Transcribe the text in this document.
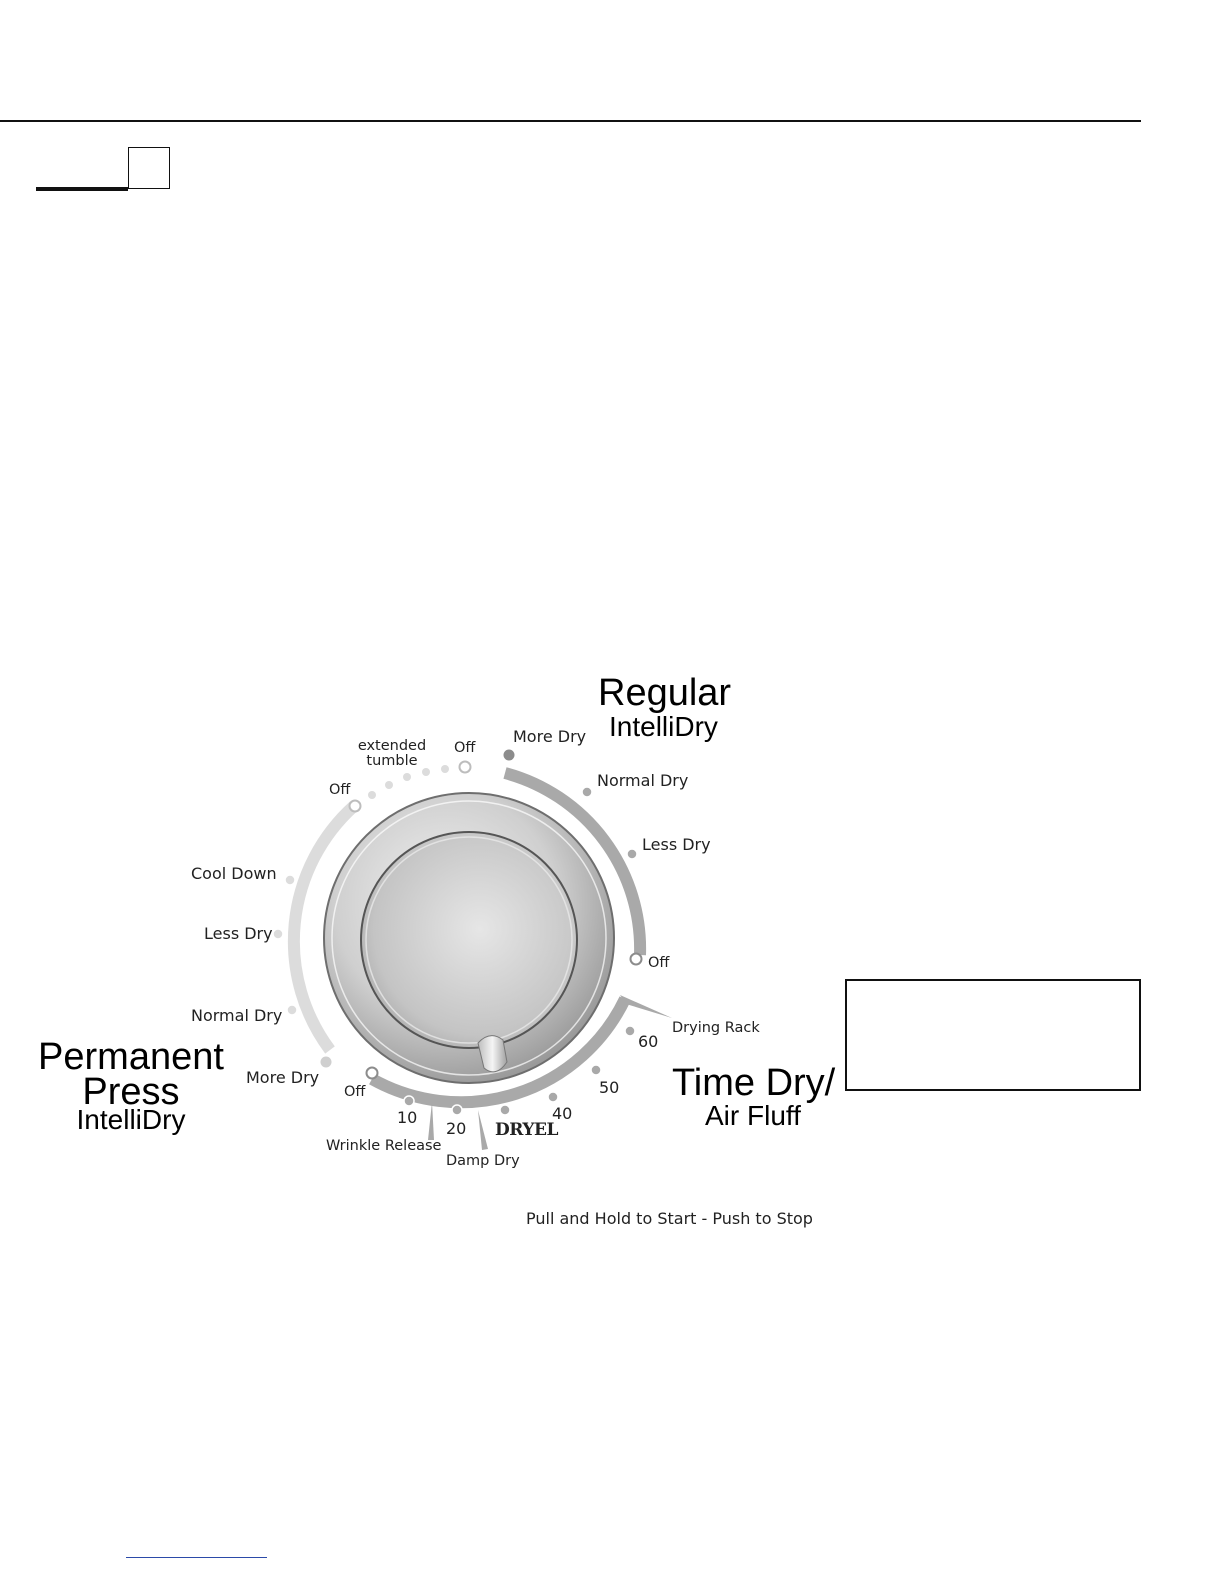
Regular
IntelliDry
More Dry
Normal Dry
Less Dry
Off
extended
tumble
Off
Off
Cool Down
Less Dry
Normal Dry
More Dry
Permanent
Press
IntelliDry
Drying Rack
Off
10
20
40
50
60
Wrinkle Release
Damp Dry
DRYEL
Time Dry/
Air Fluff
Pull and Hold to Start - Push to Stop
